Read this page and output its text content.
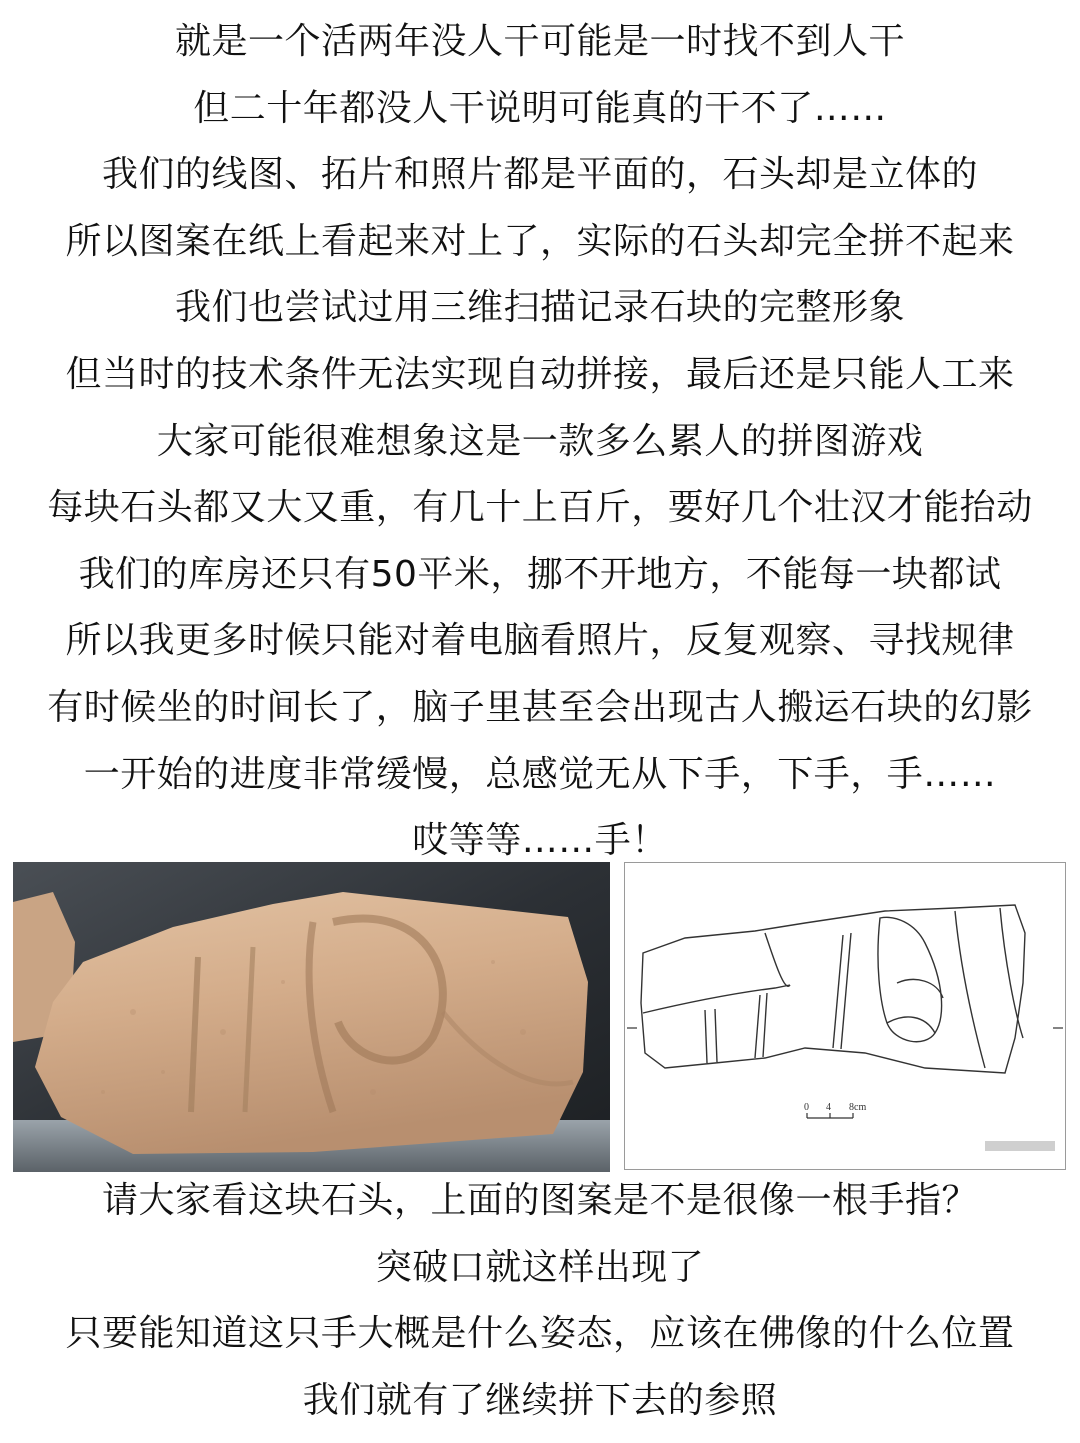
就是一个活两年没人干可能是一时找不到人干
但二十年都没人干说明可能真的干不了……
我们的线图、拓片和照片都是平面的，石头却是立体的
所以图案在纸上看起来对上了，实际的石头却完全拼不起来
我们也尝试过用三维扫描记录石块的完整形象
但当时的技术条件无法实现自动拼接，最后还是只能人工来
大家可能很难想象这是一款多么累人的拼图游戏
每块石头都又大又重，有几十上百斤，要好几个壮汉才能抬动
我们的库房还只有50平米，挪不开地方，不能每一块都试
所以我更多时候只能对着电脑看照片，反复观察、寻找规律
有时候坐的时间长了，脑子里甚至会出现古人搬运石块的幻影
一开始的进度非常缓慢，总感觉无从下手，下手，手……
哎等等……手！
0 4 8cm
请大家看这块石头，上面的图案是不是很像一根手指？
突破口就这样出现了
只要能知道这只手大概是什么姿态，应该在佛像的什么位置
我们就有了继续拼下去的参照
